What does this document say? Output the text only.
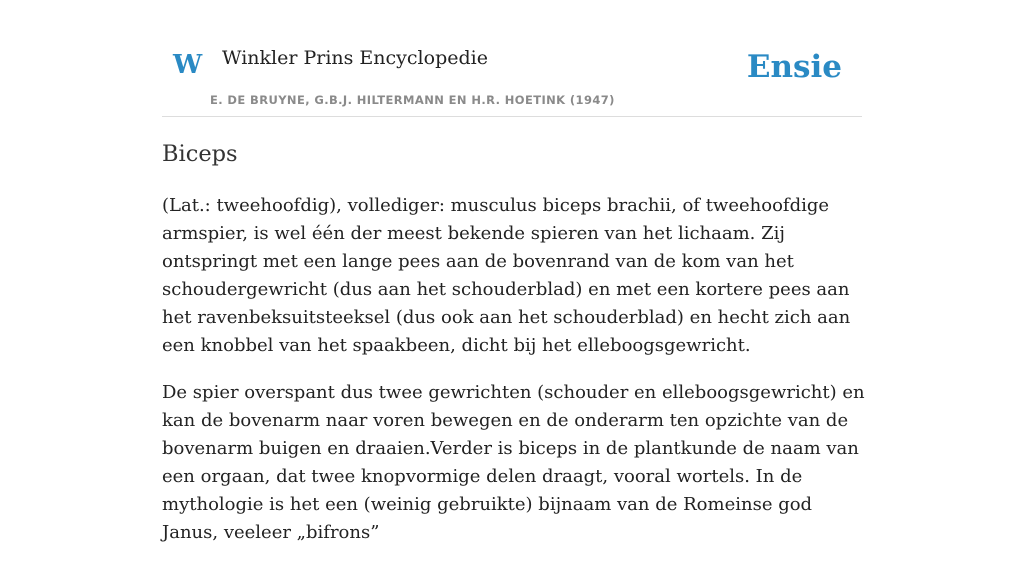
W Winkler Prins Encyclopedie
E. DE BRUYNE, G.B.J. HILTERMANN EN H.R. HOETINK (1947)
Ensie
Biceps

(Lat.: tweehoofdig), vollediger: musculus biceps brachii, of tweehoofdige armspier, is wel één der meest bekende spieren van het lichaam. Zij ontspringt met een lange pees aan de bovenrand van de kom van het schoudergewricht (dus aan het schouderblad) en met een kortere pees aan het ravenbeksuitsteeksel (dus ook aan het schouderblad) en hecht zich aan een knobbel van het spaakbeen, dicht bij het elleboogsgewricht.

De spier overspant dus twee gewrichten (schouder en elleboogsgewricht) en kan de bovenarm naar voren bewegen en de onderarm ten opzichte van de bovenarm buigen en draaien.Verder is biceps in de plantkunde de naam van een orgaan, dat twee knopvormige delen draagt, vooral wortels. In de mythologie is het een (weinig gebruikte) bijnaam van de Romeinse god Janus, veeleer „bifrons”
